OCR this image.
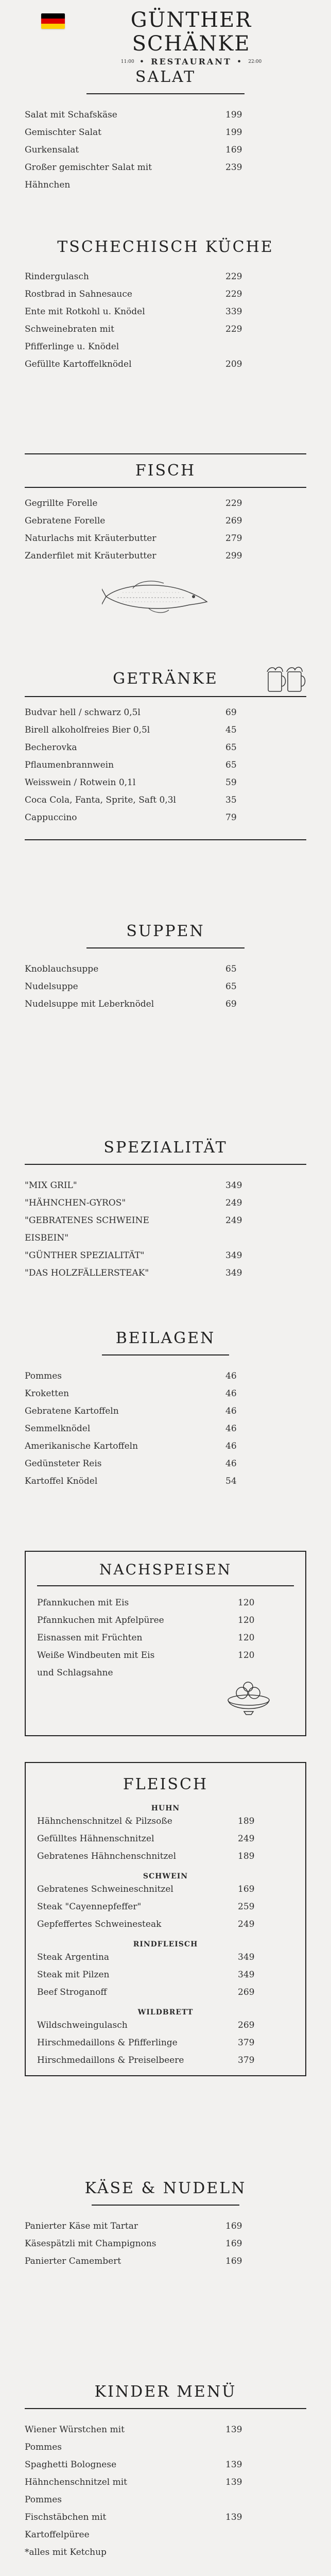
GÜNTHER SCHÄNKE
11:00 • RESTAURANT • 22:00
SALAT
Salat mit Schafskäse	199
Gemischter Salat	199
Gurkensalat	169
Großer gemischter Salat mit	239
Hähnchen
TSCHECHISCH KÜCHE
Rindergulasch	229
Rostbrad in Sahnesauce	229
Ente mit Rotkohl u. Knödel	339
Schweinebraten mit	229
Pfifferlinge u. Knödel
Gefüllte Kartoffelknödel	209
FISCH
Gegrillte Forelle	229
Gebratene Forelle	269
Naturlachs mit Kräuterbutter	279
Zanderfilet mit Kräuterbutter	299
GETRÄNKE
Budvar hell / schwarz 0,5l	69
Birell alkoholfreies Bier 0,5l	45
Becherovka	65
Pflaumenbrannwein	65
Weisswein / Rotwein 0,1l	59
Coca Cola, Fanta, Sprite, Saft 0,3l	35
Cappuccino	79
SUPPEN
Knoblauchsuppe	65
Nudelsuppe	65
Nudelsuppe mit Leberknödel	69
SPEZIALITÄT
"MIX GRIL"	349
"HÄHNCHEN-GYROS"	249
"GEBRATENES SCHWEINE	249
EISBEIN"
"GÜNTHER SPEZIALITÄT"	349
"DAS HOLZFÄLLERSTEAK"	349
BEILAGEN
Pommes	46
Kroketten	46
Gebratene Kartoffeln	46
Semmelknödel	46
Amerikanische Kartoffeln	46
Gedünsteter Reis	46
Kartoffel Knödel	54
NACHSPEISEN
Pfannkuchen mit Eis	120
Pfannkuchen mit Apfelpüree	120
Eisnassen mit Früchten	120
Weiße Windbeuten mit Eis	120
und Schlagsahne
FLEISCH
HUHN
Hähnchenschnitzel & Pilzsoße	189
Gefülltes Hähnenschnitzel	249
Gebratenes Hähnchenschnitzel	189
SCHWEIN
Gebratenes Schweineschnitzel	169
Steak "Cayennepfeffer"	259
Gepfeffertes Schweinesteak	249
RINDFLEISCH
Steak Argentina	349
Steak mit Pilzen	349
Beef Stroganoff	269
WILDBRETT
Wildschweingulasch	269
Hirschmedaillons & Pfifferlinge	379
Hirschmedaillons & Preiselbeere	379
KÄSE & NUDELN
Panierter Käse mit Tartar	169
Käsespätzli mit Champignons	169
Panierter Camembert	169
KINDER MENÜ
Wiener Würstchen mit	139
Pommes
Spaghetti Bolognese	139
Hähnchenschnitzel mit	139
Pommes
Fischstäbchen mit	139
Kartoffelpüree
*alles mit Ketchup
